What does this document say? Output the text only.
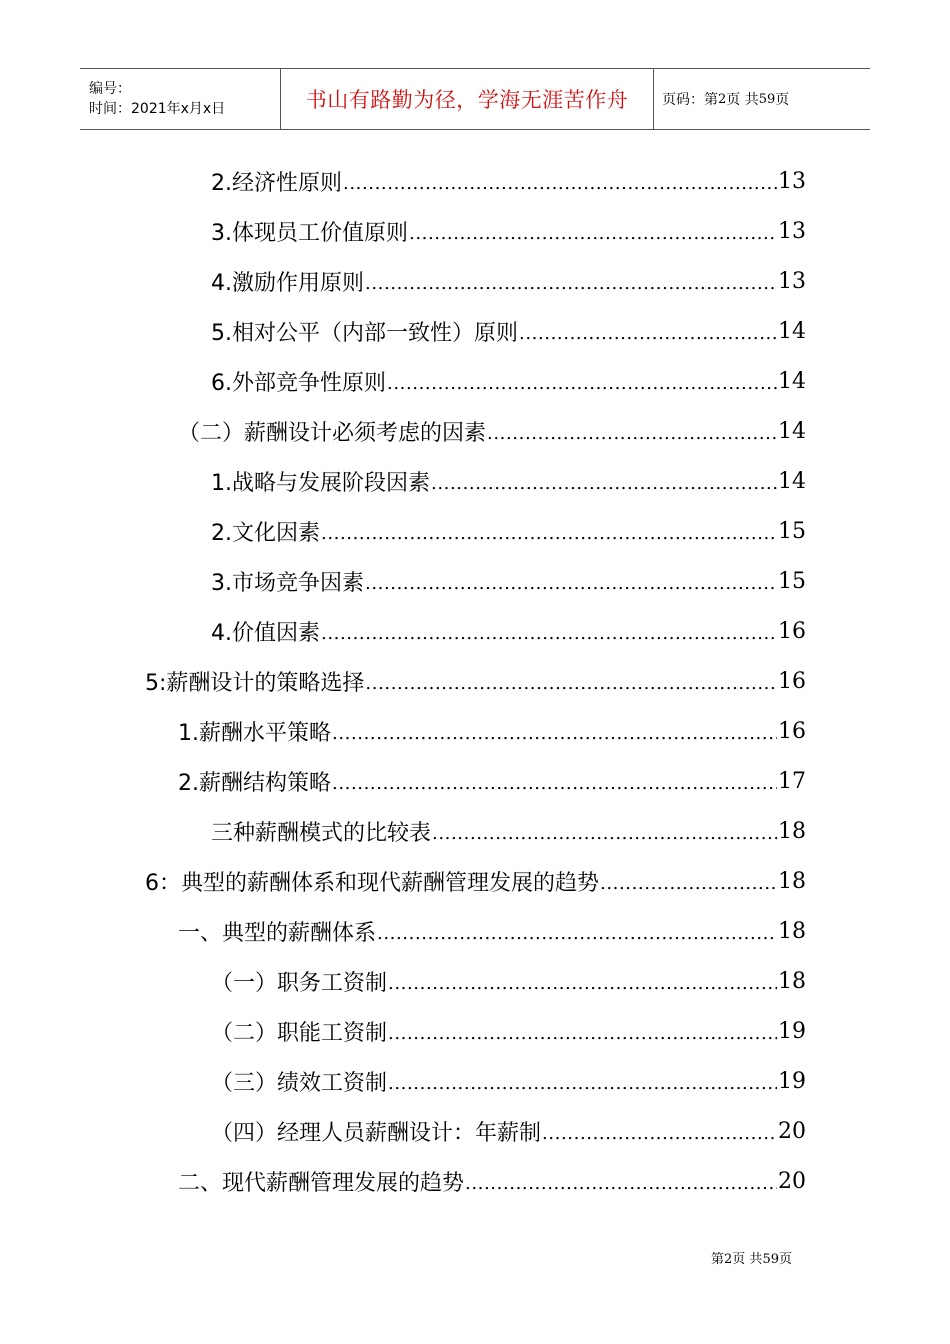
编号：
时间：2021年x月x日	书山有路勤为径，学海无涯苦作舟	页码：第 2 页 共 59 页
2.经济性原则 .....	13
3.体现员工价值原则 .....	13
4.激励作用原则 .....	13
5.相对公平（内部一致性）原则 .....	14
6.外部竞争性原则 .....	14
（二）薪酬设计必须考虑的因素 .....	14
1.战略与发展阶段因素 .....	14
2.文化因素 .....	15
3.市场竞争因素 .....	15
4.价值因素 .....	16
5:薪酬设计的策略选择 .....	16
1.薪酬水平策略 .....	16
2.薪酬结构策略 .....	17
三种薪酬模式的比较表 .....	18
6：典型的薪酬体系和现代薪酬管理发展的趋势 .....	18
一、典型的薪酬体系 .....	18
（一）职务工资制 .....	18
（二）职能工资制 .....	19
（三）绩效工资制 .....	19
（四）经理人员薪酬设计：年薪制 .....	20
二、现代薪酬管理发展的趋势 .....	20
第2页 共59页
